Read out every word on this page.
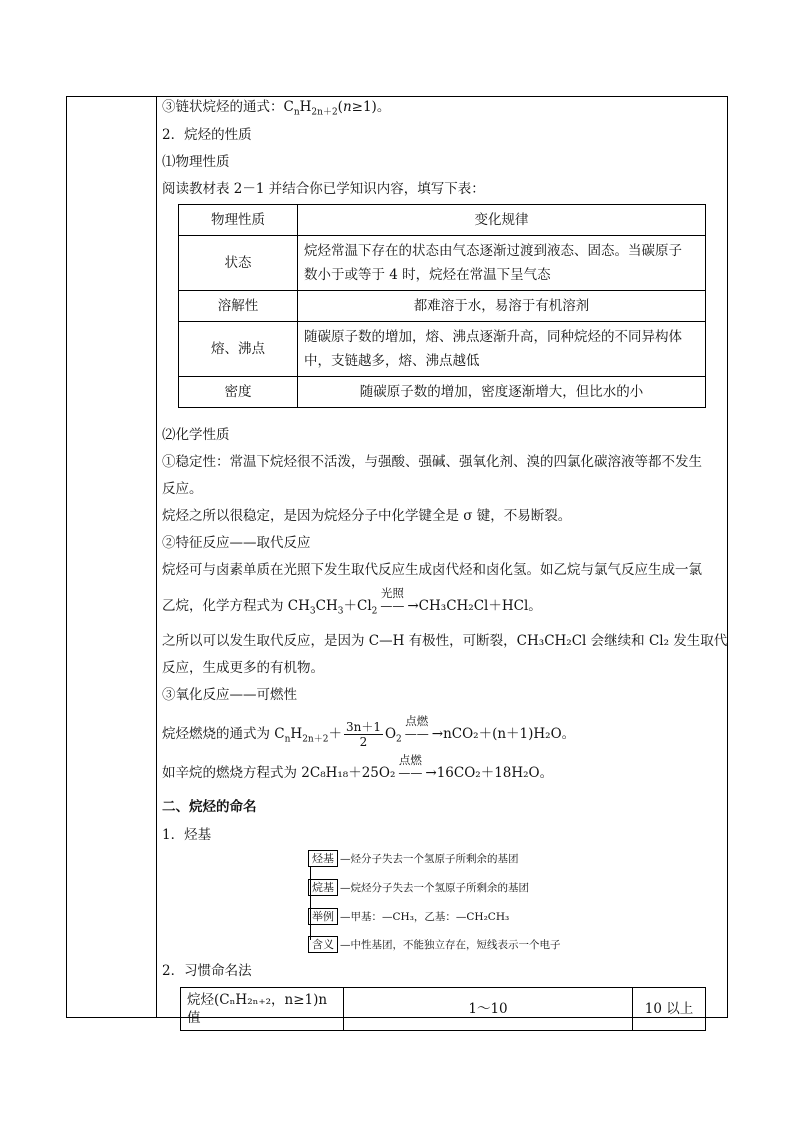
③链状烷烃的通式：$C_nH_{2n+2}(n\ge 1)$。
2．烷烃的性质
⑴物理性质
阅读教材表 2－1 并结合你已学知识内容，填写下表：
物理性质	变化规律
状态	烷烃常温下存在的状态由气态逐渐过渡到液态、固态。当碳原子
数小于或等于 4 时，烷烃在常温下呈气态

溶解性	都难溶于水，易溶于有机溶剂
熔、沸点	随碳原子数的增加，熔、沸点逐渐升高，同种烷烃的不同异构体
中，支链越多，熔、沸点越低

密度	随碳原子数的增加，密度逐渐增大，但比水的小
⑵化学性质
①稳定性：常温下烷烃很不活泼，与强酸、强碱、强氧化剂、溴的四氯化碳溶液等都不发生
反应。
烷烃之所以很稳定，是因为烷烃分子中化学键全是 σ 键，不易断裂。
②特征反应——取代反应
烷烃可与卤素单质在光照下发生取代反应生成卤代烃和卤化氢。如乙烷与氯气反应生成一氯
乙烷，化学方程式为 $CH_3CH_3+Cl_2$
光照
—— →CH₃CH₂Cl＋HCl。
之所以可以发生取代反应，是因为 C—H 有极性，可断裂，CH₃CH₂Cl 会继续和 Cl₂ 发生取代
反应，生成更多的有机物。
③氧化反应——可燃性
烷烃燃烧的通式为 $C_nH_{2n+2}+ \frac{3n+1}{2} O_2$
点燃
—— →nCO₂＋(n＋1)H₂O。
如辛烷的燃烧方程式为 2C₈H₁₈＋25O₂
点燃
—— →16CO₂＋18H₂O。
二、烷烃的命名
1．烃基
烃基 —烃分子失去一个氢原子所剩余的基团
烷基 —烷烃分子失去一个氢原子所剩余的基团
举例 —甲基：—CH₃，乙基：—CH₂CH₃
含义 —中性基团，不能独立存在，短线表示一个电子
2．习惯命名法
烷烃(CₙH₂ₙ₊₂，n≥1)n 值	1～10	10 以上
